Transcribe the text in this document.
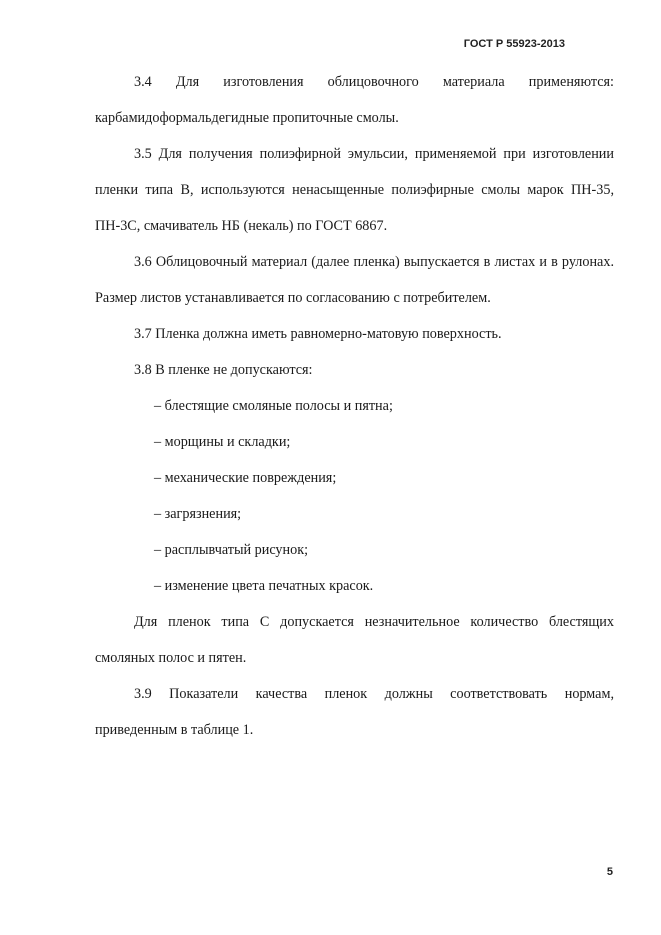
ГОСТ Р 55923-2013

3.4 Для изготовления облицовочного материала применяются: карбамидоформальдегидные пропиточные смолы.

3.5 Для получения полиэфирной эмульсии, применяемой при изготовлении пленки типа В, используются ненасыщенные полиэфирные смолы марок ПН-35, ПН-3С, смачиватель НБ (некаль) по ГОСТ 6867.

3.6 Облицовочный материал (далее пленка) выпускается в листах и в рулонах. Размер листов устанавливается по согласованию с потребителем.

3.7 Пленка должна иметь равномерно-матовую поверхность.

3.8 В пленке не допускаются:

– блестящие смоляные полосы и пятна;

– морщины и складки;

– механические повреждения;

– загрязнения;

– расплывчатый рисунок;

– изменение цвета печатных красок.

Для пленок типа С допускается незначительное количество блестящих смоляных полос и пятен.

3.9 Показатели качества пленок должны соответствовать нормам, приведенным в таблице 1.

5
